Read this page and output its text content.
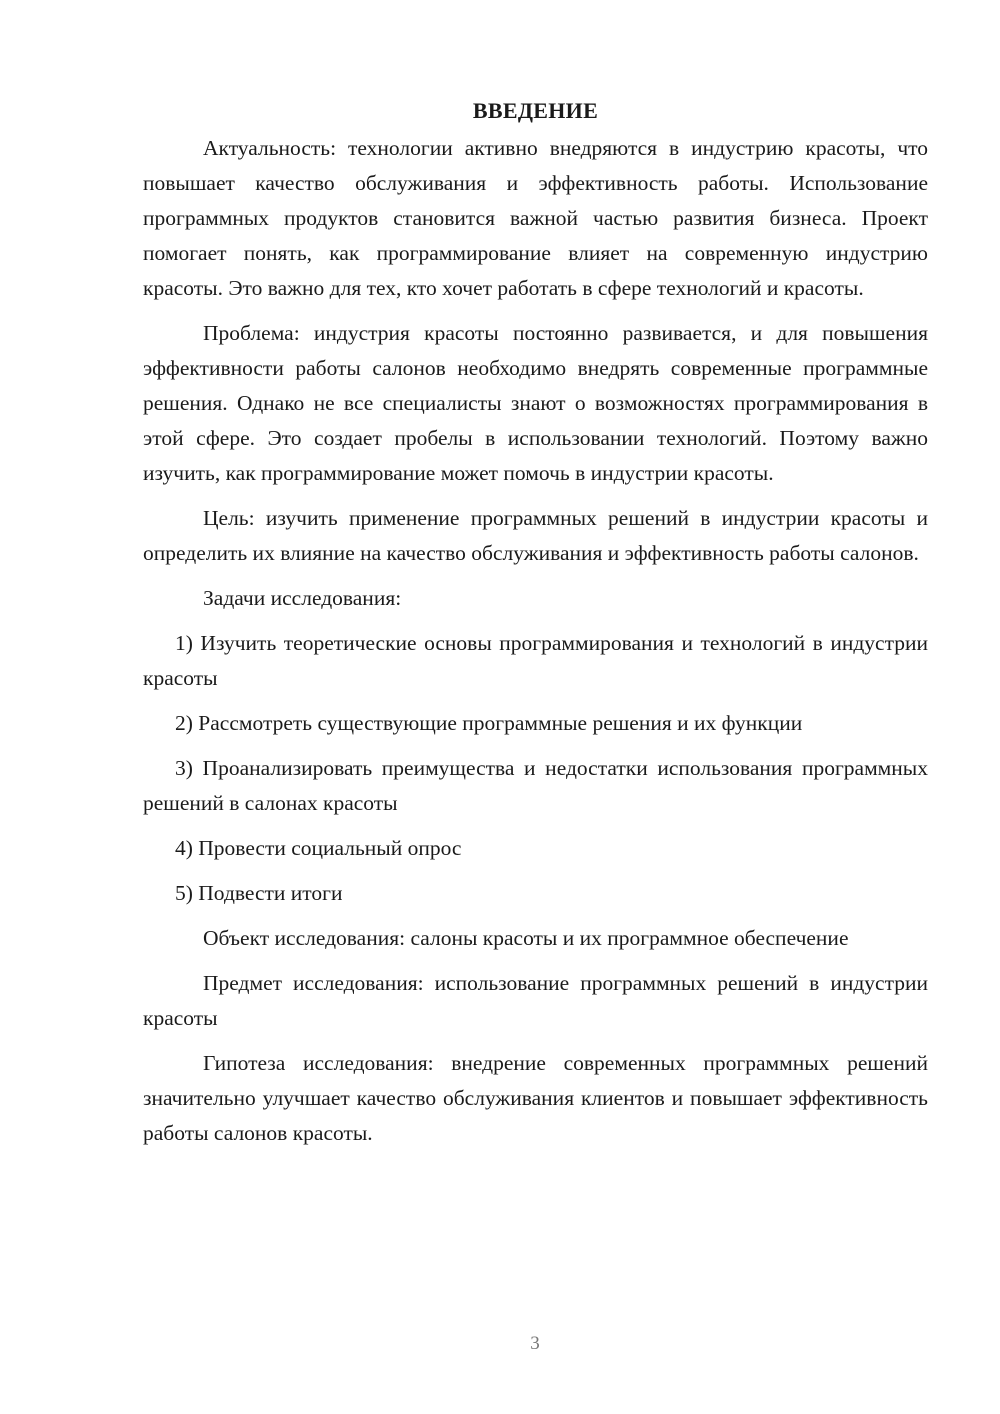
ВВЕДЕНИЕ

Актуальность: технологии активно внедряются в индустрию красоты, что повышает качество обслуживания и эффективность работы. Использование программных продуктов становится важной частью развития бизнеса. Проект помогает понять, как программирование влияет на современную индустрию красоты. Это важно для тех, кто хочет работать в сфере технологий и красоты.

Проблема: индустрия красоты постоянно развивается, и для повышения эффективности работы салонов необходимо внедрять современные программные решения. Однако не все специалисты знают о возможностях программирования в этой сфере. Это создает пробелы в использовании технологий. Поэтому важно изучить, как программирование может помочь в индустрии красоты.

Цель: изучить применение программных решений в индустрии красоты и определить их влияние на качество обслуживания и эффективность работы салонов.

Задачи исследования:

1) Изучить теоретические основы программирования и технологий в индустрии красоты

2) Рассмотреть существующие программные решения и их функции

3) Проанализировать преимущества и недостатки использования программных решений в салонах красоты

4) Провести социальный опрос

5) Подвести итоги

Объект исследования: салоны красоты и их программное обеспечение

Предмет исследования: использование программных решений в индустрии красоты

Гипотеза исследования: внедрение современных программных решений значительно улучшает качество обслуживания клиентов и повышает эффективность работы салонов красоты.

3
